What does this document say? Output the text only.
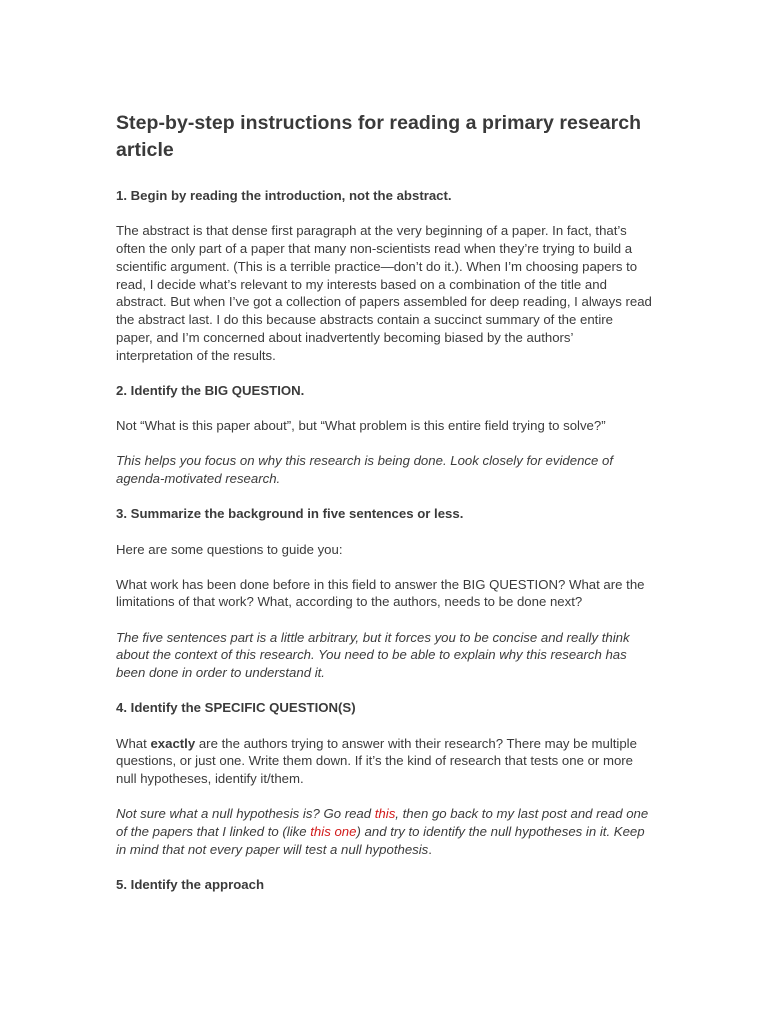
Step-by-step instructions for reading a primary research article

1. Begin by reading the introduction, not the abstract.

The abstract is that dense first paragraph at the very beginning of a paper. In fact, that’s often the only part of a paper that many non-scientists read when they’re trying to build a scientific argument. (This is a terrible practice—don’t do it.). When I’m choosing papers to read, I decide what’s relevant to my interests based on a combination of the title and abstract. But when I’ve got a collection of papers assembled for deep reading, I always read the abstract last. I do this because abstracts contain a succinct summary of the entire paper, and I’m concerned about inadvertently becoming biased by the authors’ interpretation of the results.

2. Identify the BIG QUESTION.

Not “What is this paper about”, but “What problem is this entire field trying to solve?”

This helps you focus on why this research is being done. Look closely for evidence of agenda-motivated research.

3. Summarize the background in five sentences or less.

Here are some questions to guide you:

What work has been done before in this field to answer the BIG QUESTION? What are the limitations of that work? What, according to the authors, needs to be done next?

The five sentences part is a little arbitrary, but it forces you to be concise and really think about the context of this research. You need to be able to explain why this research has been done in order to understand it.

4. Identify the SPECIFIC QUESTION(S)

What exactly are the authors trying to answer with their research? There may be multiple questions, or just one. Write them down. If it’s the kind of research that tests one or more null hypotheses, identify it/them.

Not sure what a null hypothesis is? Go read this, then go back to my last post and read one of the papers that I linked to (like this one) and try to identify the null hypotheses in it. Keep in mind that not every paper will test a null hypothesis.

5. Identify the approach
